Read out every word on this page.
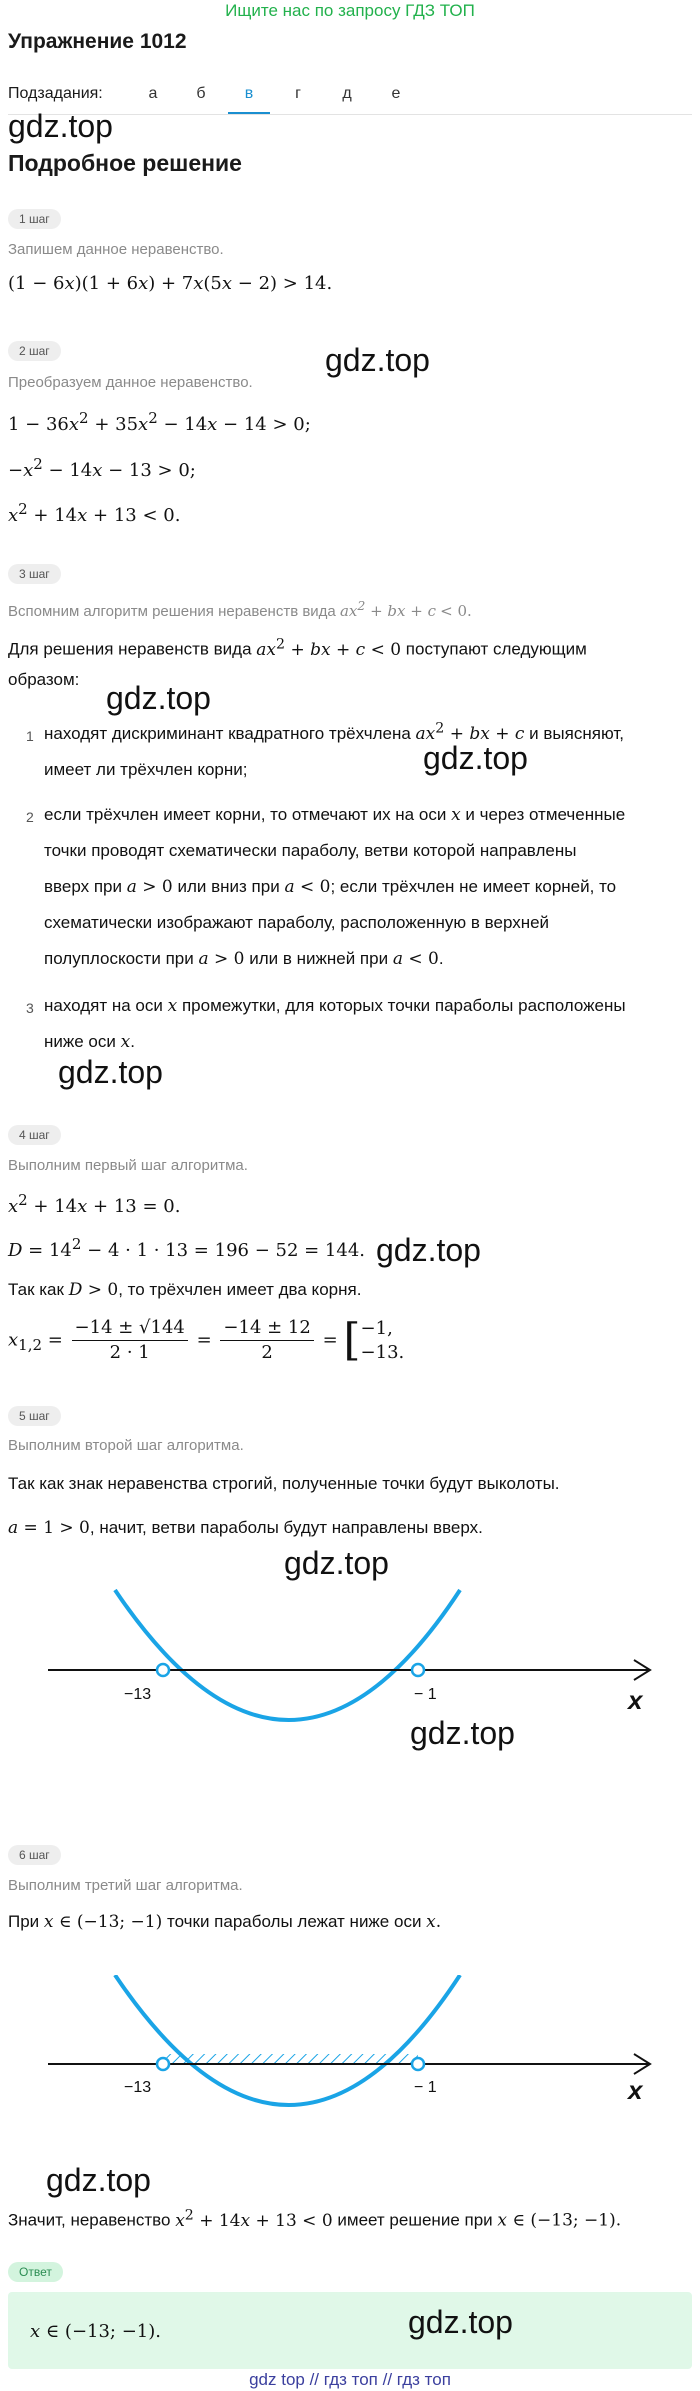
Ищите нас по запросу ГДЗ ТОП
Упражнение 1012
Подзадания:	а	б	в	г	д	е
gdz.top
Подробное решение
1 шаг
Запишем данное неравенство.
(1 − 6x)(1 + 6x) + 7x(5x − 2) > 14.
2 шаг	gdz.top
Преобразуем данное неравенство.
$1 - 36x^2 + 35x^2 - 14x - 14 > 0$;
$-x^2 - 14x - 13 > 0$;
$x^2 + 14x + 13 < 0$.
3 шаг
Вспомним алгоритм решения неравенств вида $ax^2$ + bx + c < 0.
Для решения неравенств вида $ax^2$ + bx + c < 0 поступают следующим
образом:
gdz.top
1 находят дискриминант квадратного трёхчлена $ax^2$ + bx + c и выясняют,
gdz.top
имеет ли трёхчлен корни;
2 если трёхчлен имеет корни, то отмечают их на оси x и через отмеченные
точки проводят схематически параболу, ветви которой направлены
вверх при a > 0 или вниз при a < 0; если трёхчлен не имеет корней, то
схематически изображают параболу, расположенную в верхней
полуплоскости при a > 0 или в нижней при a < 0.
3 находят на оси x промежутки, для которых точки параболы расположены
ниже оси x.
gdz.top
4 шаг
Выполним первый шаг алгоритма.
$x^2 + 14x + 13 = 0$.
$D = 14^2 - 4 \cdot 1 \cdot 13 = 196 - 52 = 144$. gdz.top
Так как D > 0, то трёхчлен имеет два корня.
$x_{1,2} = \frac{-14 \pm √144}{2 \cdot 1} = \frac{-14 \pm 12}{2} = [-1$,
−13.
5 шаг
Выполним второй шаг алгоритма.
Так как знак неравенства строгий, полученные точки будут выколоты.
a = 1 > 0, начит, ветви параболы будут направлены вверх.
gdz.top
−13	− 1	x
gdz.top
6 шаг
Выполним третий шаг алгоритма.
При x ∈ (−13; −1) точки параболы лежат ниже оси x.
−13	− 1	x
gdz.top
Значит, неравенство $x^2 + 14x + 13 < 0$ имеет решение при x ∈ (−13; −1).
Ответ
x ∈ (−13; −1).	gdz.top
gdz top // гдз топ // гдз топ
